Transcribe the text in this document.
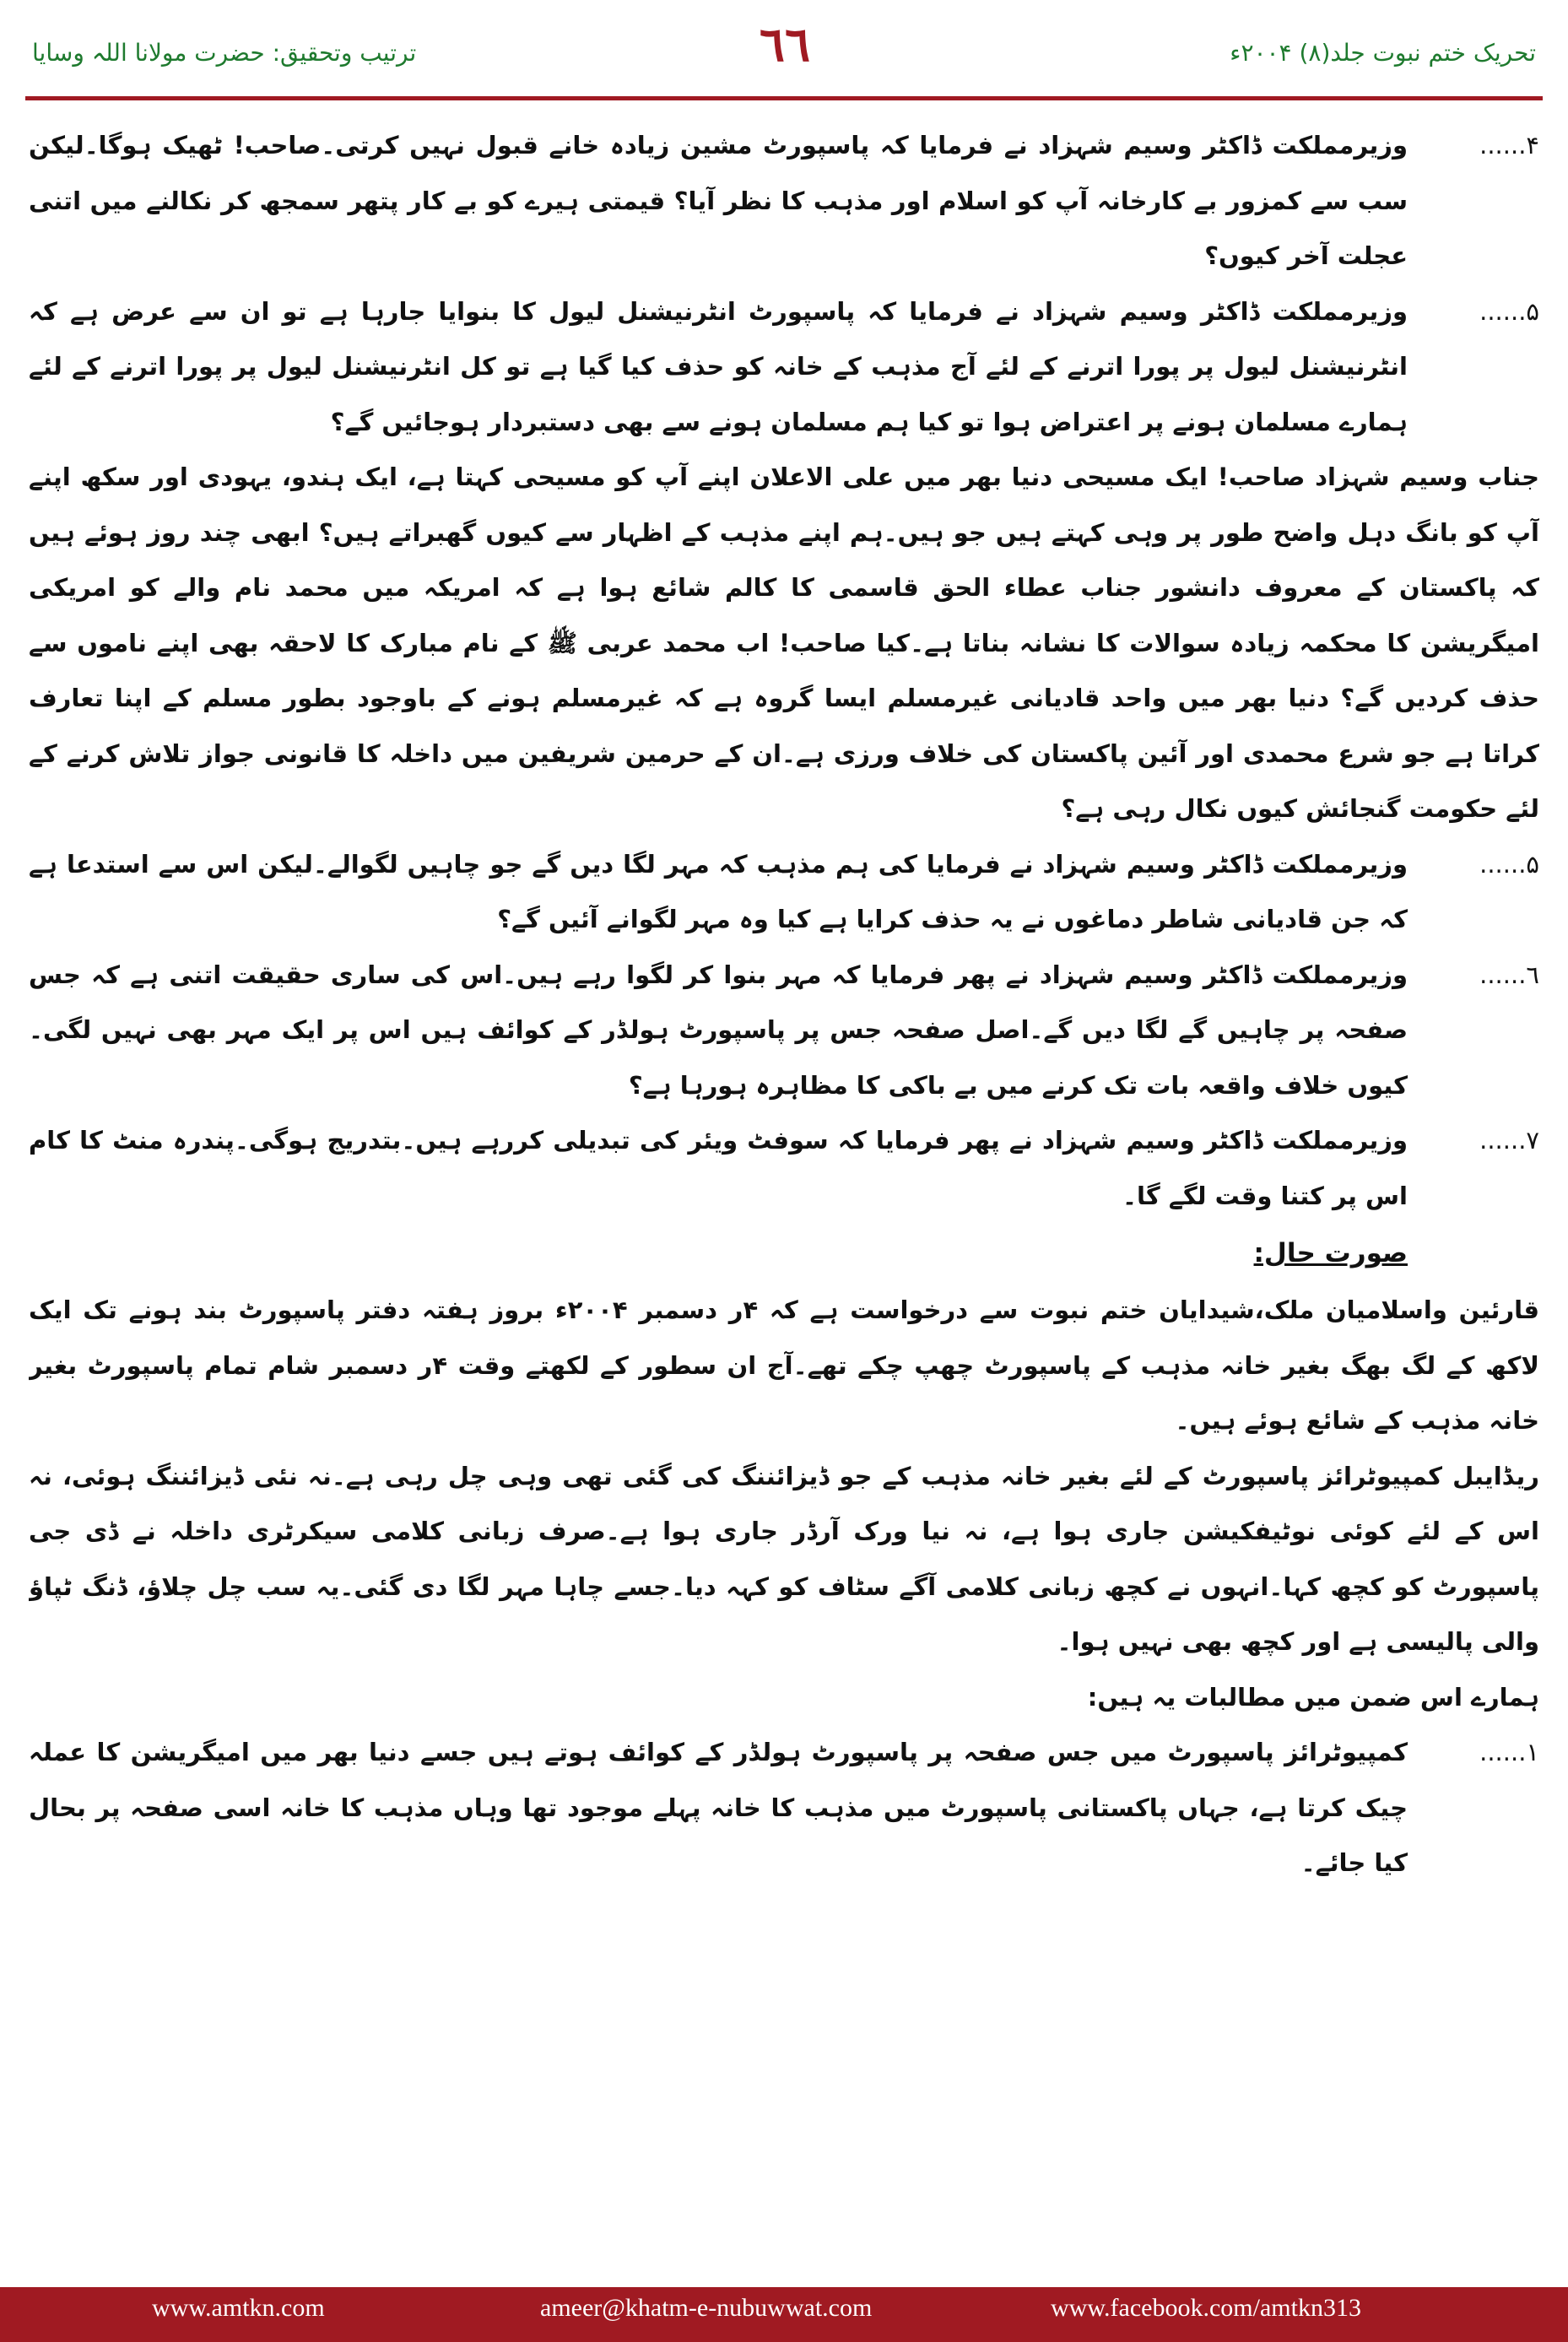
ترتیب وتحقیق: حضرت مولانا اللہ وسایا	٦٦	تحریک ختم نبوت جلد(۸) ۲۰۰۴ء
۴......
وزیرمملکت ڈاکٹر وسیم شہزاد نے فرمایا کہ پاسپورٹ مشین زیادہ خانے قبول نہیں کرتی۔صاحب! ٹھیک ہوگا۔لیکن سب سے کمزور بے کارخانہ آپ کو اسلام اور مذہب کا نظر آیا؟ قیمتی ہیرے کو بے کار پتھر سمجھ کر نکالنے میں اتنی عجلت آخر کیوں؟
۵......
وزیرمملکت ڈاکٹر وسیم شہزاد نے فرمایا کہ پاسپورٹ انٹرنیشنل لیول کا بنوایا جارہا ہے تو ان سے عرض ہے کہ انٹرنیشنل لیول پر پورا اترنے کے لئے آج مذہب کے خانہ کو حذف کیا گیا ہے تو کل انٹرنیشنل لیول پر پورا اترنے کے لئے ہمارے مسلمان ہونے پر اعتراض ہوا تو کیا ہم مسلمان ہونے سے بھی دستبردار ہوجائیں گے؟
جناب وسیم شہزاد صاحب! ایک مسیحی دنیا بھر میں علی الاعلان اپنے آپ کو مسیحی کہتا ہے، ایک ہندو، یہودی اور سکھ اپنے آپ کو بانگ دہل واضح طور پر وہی کہتے ہیں جو ہیں۔ہم اپنے مذہب کے اظہار سے کیوں گھبراتے ہیں؟ ابھی چند روز ہوئے ہیں کہ پاکستان کے معروف دانشور جناب عطاء الحق قاسمی کا کالم شائع ہوا ہے کہ امریکہ میں محمد نام والے کو امریکی امیگریشن کا محکمہ زیادہ سوالات کا نشانہ بناتا ہے۔کیا صاحب! اب محمد عربی ﷺ کے نام مبارک کا لاحقہ بھی اپنے ناموں سے حذف کردیں گے؟ دنیا بھر میں واحد قادیانی غیرمسلم ایسا گروہ ہے کہ غیرمسلم ہونے کے باوجود بطور مسلم کے اپنا تعارف کراتا ہے جو شرع محمدی اور آئین پاکستان کی خلاف ورزی ہے۔ان کے حرمین شریفین میں داخلہ کا قانونی جواز تلاش کرنے کے لئے حکومت گنجائش کیوں نکال رہی ہے؟
۵......
وزیرمملکت ڈاکٹر وسیم شہزاد نے فرمایا کی ہم مذہب کہ مہر لگا دیں گے جو چاہیں لگوالے۔لیکن اس سے استدعا ہے کہ جن قادیانی شاطر دماغوں نے یہ حذف کرایا ہے کیا وہ مہر لگوانے آئیں گے؟
٦......
وزیرمملکت ڈاکٹر وسیم شہزاد نے پھر فرمایا کہ مہر بنوا کر لگوا رہے ہیں۔اس کی ساری حقیقت اتنی ہے کہ جس صفحہ پر چاہیں گے لگا دیں گے۔اصل صفحہ جس پر پاسپورٹ ہولڈر کے کوائف ہیں اس پر ایک مہر بھی نہیں لگی۔کیوں خلاف واقعہ بات تک کرنے میں بے باکی کا مظاہرہ ہورہا ہے؟
۷......
وزیرمملکت ڈاکٹر وسیم شہزاد نے پھر فرمایا کہ سوفٹ ویئر کی تبدیلی کررہے ہیں۔بتدریج ہوگی۔پندرہ منٹ کا کام اس پر کتنا وقت لگے گا۔
صورت حال:
قارئین واسلامیان ملک،شیدایان ختم نبوت سے درخواست ہے کہ ۴ر دسمبر ۲۰۰۴ء بروز ہفتہ دفتر پاسپورٹ بند ہونے تک ایک لاکھ کے لگ بھگ بغیر خانہ مذہب کے پاسپورٹ چھپ چکے تھے۔آج ان سطور کے لکھتے وقت ۴ر دسمبر شام تمام پاسپورٹ بغیر خانہ مذہب کے شائع ہوئے ہیں۔
ریڈایبل کمپیوٹرائز پاسپورٹ کے لئے بغیر خانہ مذہب کے جو ڈیزائننگ کی گئی تھی وہی چل رہی ہے۔نہ نئی ڈیزائننگ ہوئی، نہ اس کے لئے کوئی نوٹیفکیشن جاری ہوا ہے، نہ نیا ورک آرڈر جاری ہوا ہے۔صرف زبانی کلامی سیکرٹری داخلہ نے ڈی جی پاسپورٹ کو کچھ کہا۔انہوں نے کچھ زبانی کلامی آگے سٹاف کو کہہ دیا۔جسے چاہا مہر لگا دی گئی۔یہ سب چل چلاؤ، ڈنگ ٹپاؤ والی پالیسی ہے اور کچھ بھی نہیں ہوا۔
ہمارے اس ضمن میں مطالبات یہ ہیں:
۱......
کمپیوٹرائز پاسپورٹ میں جس صفحہ پر پاسپورٹ ہولڈر کے کوائف ہوتے ہیں جسے دنیا بھر میں امیگریشن کا عملہ چیک کرتا ہے، جہاں پاکستانی پاسپورٹ میں مذہب کا خانہ پہلے موجود تھا وہاں مذہب کا خانہ اسی صفحہ پر بحال کیا جائے۔
www.amtkn.com	ameer@khatm-e-nubuwwat.com	www.facebook.com/amtkn313
